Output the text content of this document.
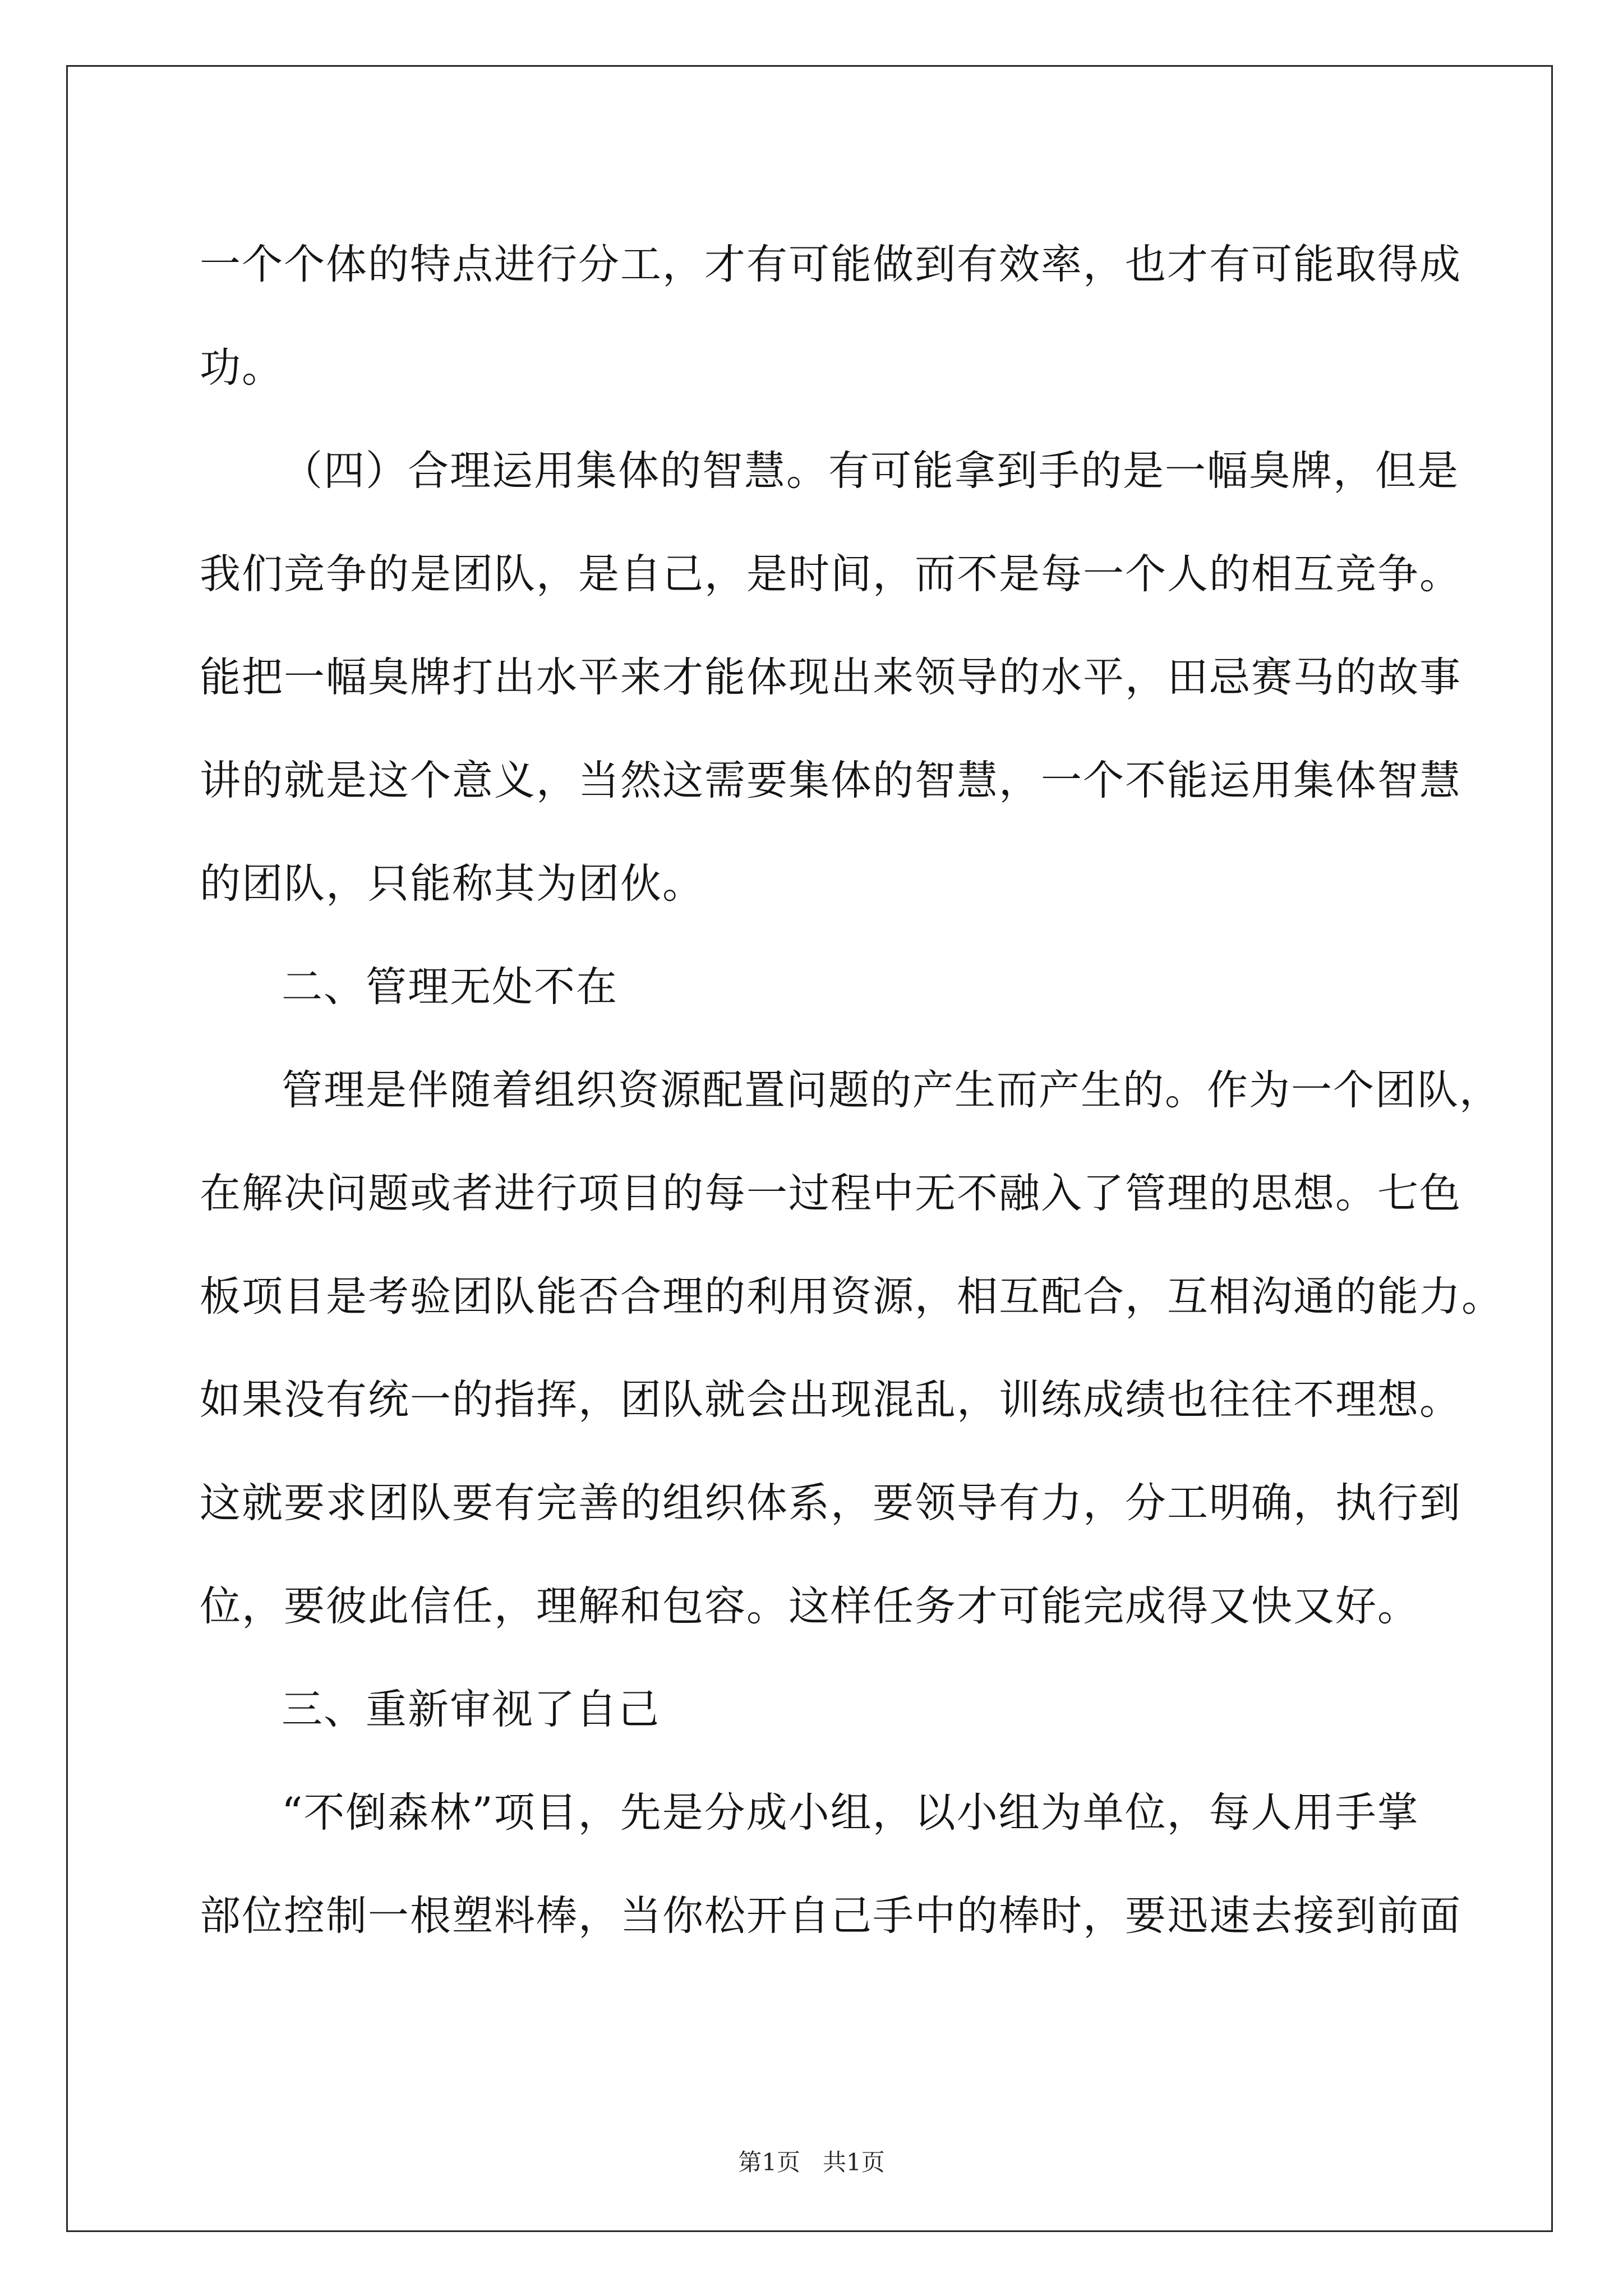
一个个体的特点进行分工，才有可能做到有效率，也才有可能取得成
功。
（四）合理运用集体的智慧。有可能拿到手的是一幅臭牌，但是
我们竞争的是团队，是自己，是时间，而不是每一个人的相互竞争。
能把一幅臭牌打出水平来才能体现出来领导的水平，田忌赛马的故事
讲的就是这个意义，当然这需要集体的智慧，一个不能运用集体智慧
的团队，只能称其为团伙。
二、管理无处不在
管理是伴随着组织资源配置问题的产生而产生的。作为一个团队，
在解决问题或者进行项目的每一过程中无不融入了管理的思想。七色
板项目是考验团队能否合理的利用资源，相互配合，互相沟通的能力。
如果没有统一的指挥，团队就会出现混乱，训练成绩也往往不理想。
这就要求团队要有完善的组织体系，要领导有力，分工明确，执行到
位，要彼此信任，理解和包容。这样任务才可能完成得又快又好。
三、重新审视了自己
“不倒森林”项目，先是分成小组，以小组为单位，每人用手掌
部位控制一根塑料棒，当你松开自己手中的棒时，要迅速去接到前面
第1页   共1页
